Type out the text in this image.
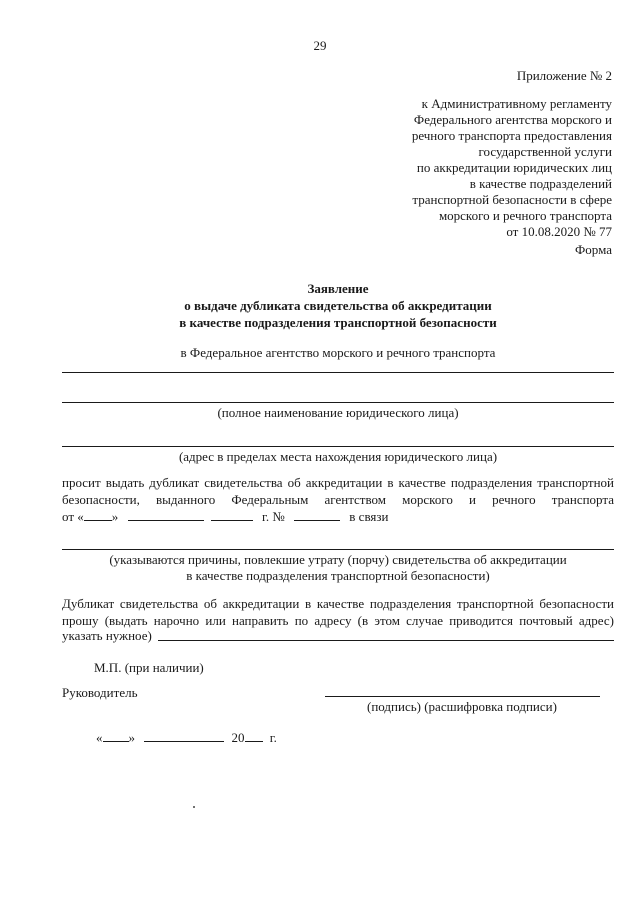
29
Приложение № 2
к Административному регламенту
Федерального агентства морского и
речного транспорта предоставления
государственной услуги
по аккредитации юридических лиц
в качестве подразделений
транспортной безопасности в сфере
морского и речного транспорта
от 10.08.2020 № 77
Форма
Заявление
о выдаче дубликата свидетельства об аккредитации
в качестве подразделения транспортной безопасности
в Федеральное агентство морского и речного транспорта
(полное наименование юридического лица)
(адрес в пределах места нахождения юридического лица)
просит выдать дубликат свидетельства об аккредитации в качестве подразделения транспортной
безопасности, выданного Федеральным агентством морского и речного транспорта
от « »	г. №	в связи
(указываются причины, повлекшие утрату (порчу) свидетельства об аккредитации
в качестве подразделения транспортной безопасности)
Дубликат свидетельства об аккредитации в качестве подразделения транспортной безопасности
прошу (выдать нарочно или направить по адресу (в этом случае приводится почтовый адрес)
указать нужное)
М.П. (при наличии)
Руководитель
(подпись) (расшифровка подписи)
« »	20 г.
